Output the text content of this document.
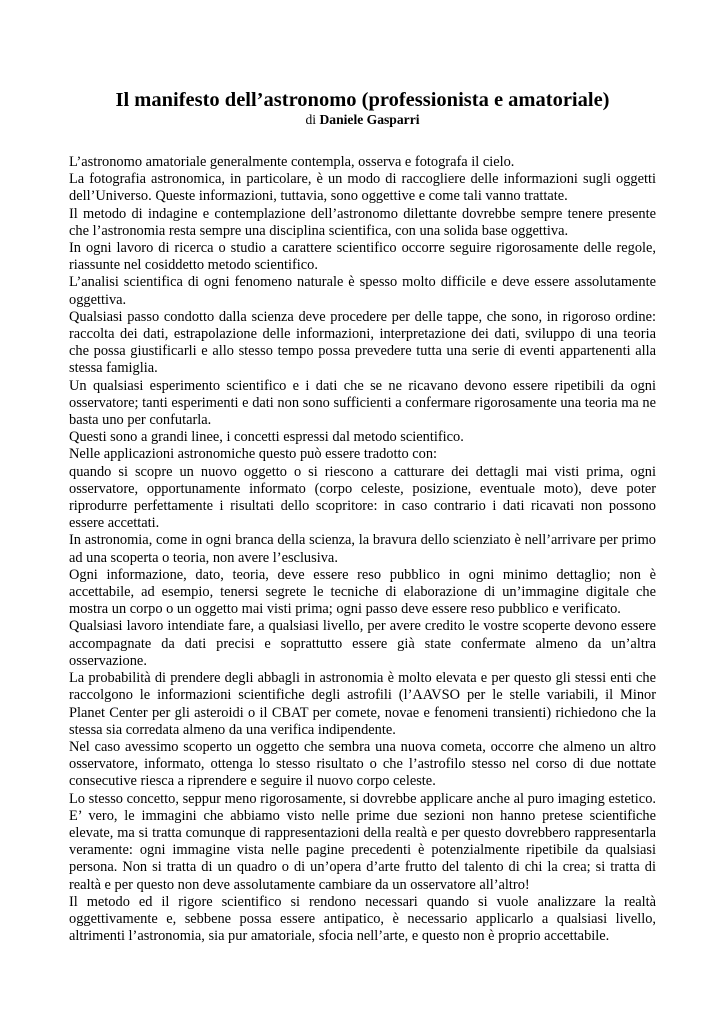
Il manifesto dell’astronomo (professionista e amatoriale)
di Daniele Gasparri

L’astronomo amatoriale generalmente contempla, osserva e fotografa il cielo.

La fotografia astronomica, in particolare, è un modo di raccogliere delle informazioni sugli oggetti dell’Universo. Queste informazioni, tuttavia, sono oggettive e come tali vanno trattate.

Il metodo di indagine e contemplazione dell’astronomo dilettante dovrebbe sempre tenere presente che l’astronomia resta sempre una disciplina scientifica, con una solida base oggettiva.

In ogni lavoro di ricerca o studio a carattere scientifico occorre seguire rigorosamente delle regole, riassunte nel cosiddetto metodo scientifico.

L’analisi scientifica di ogni fenomeno naturale è spesso molto difficile e deve essere assolutamente oggettiva.

Qualsiasi passo condotto dalla scienza deve procedere per delle tappe, che sono, in rigoroso ordine: raccolta dei dati, estrapolazione delle informazioni, interpretazione dei dati, sviluppo di una teoria che possa giustificarli e allo stesso tempo possa prevedere tutta una serie di eventi appartenenti alla stessa famiglia.

Un qualsiasi esperimento scientifico e i dati che se ne ricavano devono essere ripetibili da ogni osservatore; tanti esperimenti e dati non sono sufficienti a confermare rigorosamente una teoria ma ne basta uno per confutarla.

Questi sono a grandi linee, i concetti espressi dal metodo scientifico.

Nelle applicazioni astronomiche questo può essere tradotto con:

quando si scopre un nuovo oggetto o si riescono a catturare dei dettagli mai visti prima, ogni osservatore, opportunamente informato (corpo celeste, posizione, eventuale moto), deve poter riprodurre perfettamente i risultati dello scopritore: in caso contrario i dati ricavati non possono essere accettati.

In astronomia, come in ogni branca della scienza, la bravura dello scienziato è nell’arrivare per primo ad una scoperta o teoria, non avere l’esclusiva.

Ogni informazione, dato, teoria, deve essere reso pubblico in ogni minimo dettaglio; non è accettabile, ad esempio, tenersi segrete le tecniche di elaborazione di un’immagine digitale che mostra un corpo o un oggetto mai visti prima; ogni passo deve essere reso pubblico e verificato.

Qualsiasi lavoro intendiate fare, a qualsiasi livello, per avere credito le vostre scoperte devono essere accompagnate da dati precisi e soprattutto essere già state confermate almeno da un’altra osservazione.

La probabilità di prendere degli abbagli in astronomia è molto elevata e per questo gli stessi enti che raccolgono le informazioni scientifiche degli astrofili (l’AAVSO per le stelle variabili, il Minor Planet Center per gli asteroidi o il CBAT per comete, novae e fenomeni transienti) richiedono che la stessa sia corredata almeno da una verifica indipendente.

Nel caso avessimo scoperto un oggetto che sembra una nuova cometa, occorre che almeno un altro osservatore, informato, ottenga lo stesso risultato o che l’astrofilo stesso nel corso di due nottate consecutive riesca a riprendere e seguire il nuovo corpo celeste.

Lo stesso concetto, seppur meno rigorosamente, si dovrebbe applicare anche al puro imaging estetico. E’ vero, le immagini che abbiamo visto nelle prime due sezioni non hanno pretese scientifiche elevate, ma si tratta comunque di rappresentazioni della realtà e per questo dovrebbero rappresentarla veramente: ogni immagine vista nelle pagine precedenti è potenzialmente ripetibile da qualsiasi persona. Non si tratta di un quadro o di un’opera d’arte frutto del talento di chi la crea; si tratta di realtà e per questo non deve assolutamente cambiare da un osservatore all’altro!

Il metodo ed il rigore scientifico si rendono necessari quando si vuole analizzare la realtà oggettivamente e, sebbene possa essere antipatico, è necessario applicarlo a qualsiasi livello, altrimenti l’astronomia, sia pur amatoriale, sfocia nell’arte, e questo non è proprio accettabile.
